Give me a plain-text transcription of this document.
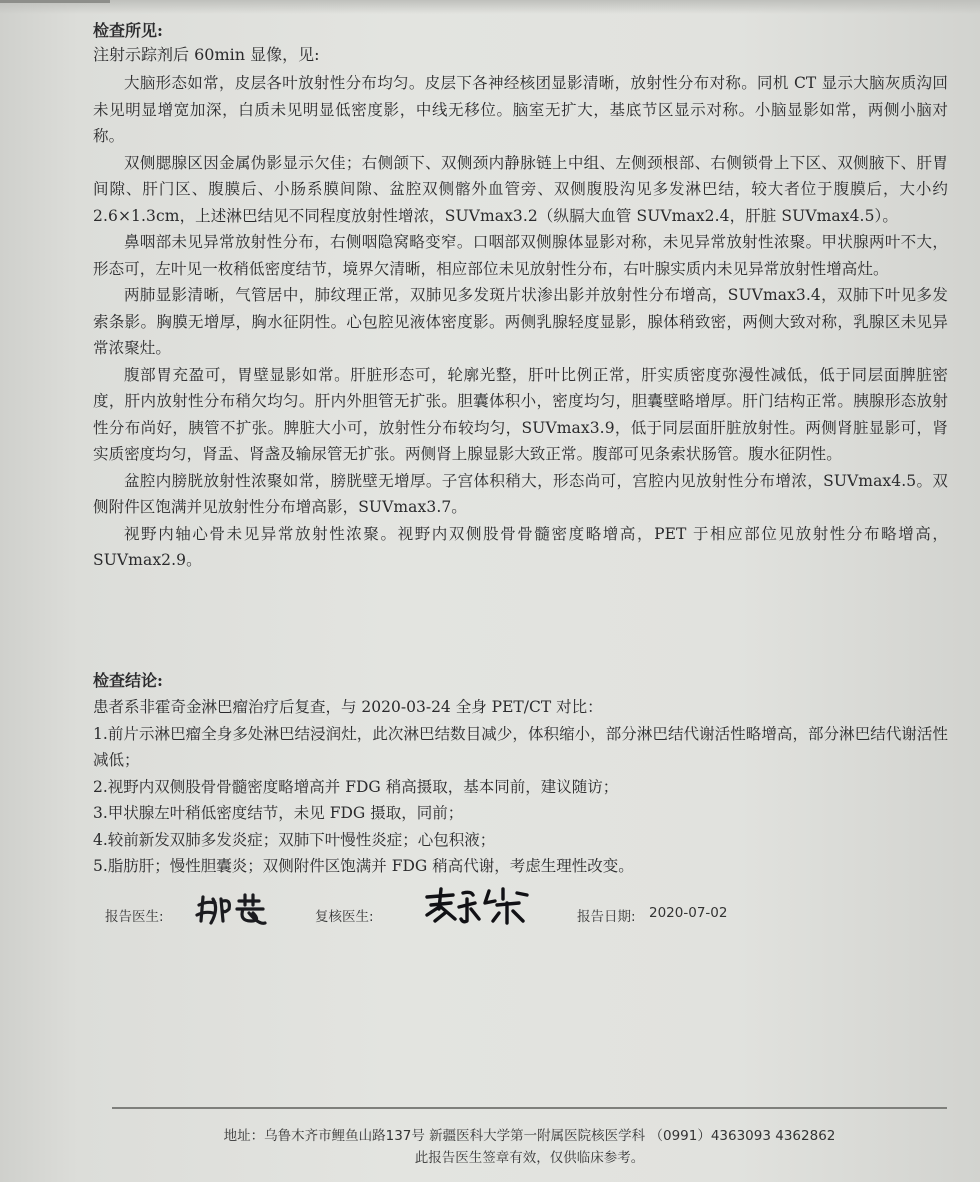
检查所见:

注射示踪剂后 60min 显像，见:

大脑形态如常，皮层各叶放射性分布均匀。皮层下各神经核团显影清晰，放射性分布对称。同机 CT 显示大脑灰质沟回未见明显增宽加深，白质未见明显低密度影，中线无移位。脑室无扩大，基底节区显示对称。小脑显影如常，两侧小脑对称。

双侧腮腺区因金属伪影显示欠佳；右侧颌下、双侧颈内静脉链上中组、左侧颈根部、右侧锁骨上下区、双侧腋下、肝胃间隙、肝门区、腹膜后、小肠系膜间隙、盆腔双侧髂外血管旁、双侧腹股沟见多发淋巴结，较大者位于腹膜后，大小约 2.6×1.3cm，上述淋巴结见不同程度放射性增浓，SUVmax3.2（纵膈大血管 SUVmax2.4，肝脏 SUVmax4.5）。

鼻咽部未见异常放射性分布，右侧咽隐窝略变窄。口咽部双侧腺体显影对称，未见异常放射性浓聚。甲状腺两叶不大，形态可，左叶见一枚稍低密度结节，境界欠清晰，相应部位未见放射性分布，右叶腺实质内未见异常放射性增高灶。

两肺显影清晰，气管居中，肺纹理正常，双肺见多发斑片状渗出影并放射性分布增高，SUVmax3.4，双肺下叶见多发索条影。胸膜无增厚，胸水征阴性。心包腔见液体密度影。两侧乳腺轻度显影，腺体稍致密，两侧大致对称，乳腺区未见异常浓聚灶。

腹部胃充盈可，胃壁显影如常。肝脏形态可，轮廓光整，肝叶比例正常，肝实质密度弥漫性减低，低于同层面脾脏密度，肝内放射性分布稍欠均匀。肝内外胆管无扩张。胆囊体积小，密度均匀，胆囊壁略增厚。肝门结构正常。胰腺形态放射性分布尚好，胰管不扩张。脾脏大小可，放射性分布较均匀，SUVmax3.9，低于同层面肝脏放射性。两侧肾脏显影可，肾实质密度均匀，肾盂、肾盏及输尿管无扩张。两侧肾上腺显影大致正常。腹部可见条索状肠管。腹水征阴性。

盆腔内膀胱放射性浓聚如常，膀胱壁无增厚。子宫体积稍大，形态尚可，宫腔内见放射性分布增浓，SUVmax4.5。双侧附件区饱满并见放射性分布增高影，SUVmax3.7。

视野内轴心骨未见异常放射性浓聚。视野内双侧股骨骨髓密度略增高，PET 于相应部位见放射性分布略增高，SUVmax2.9。

检查结论:

患者系非霍奇金淋巴瘤治疗后复查，与 2020-03-24 全身 PET/CT 对比：

1.前片示淋巴瘤全身多处淋巴结浸润灶，此次淋巴结数目减少，体积缩小，部分淋巴结代谢活性略增高，部分淋巴结代谢活性减低；

2.视野内双侧股骨骨髓密度略增高并 FDG 稍高摄取，基本同前，建议随访；

3.甲状腺左叶稍低密度结节，未见 FDG 摄取，同前；

4.较前新发双肺多发炎症；双肺下叶慢性炎症；心包积液；

5.脂肪肝；慢性胆囊炎；双侧附件区饱满并 FDG 稍高代谢，考虑生理性改变。

报告医生:	复核医生:	报告日期: 2020-07-02
地址：乌鲁木齐市鲤鱼山路137号 新疆医科大学第一附属医院核医学科 （0991）4363093 4362862
此报告医生签章有效，仅供临床参考。
